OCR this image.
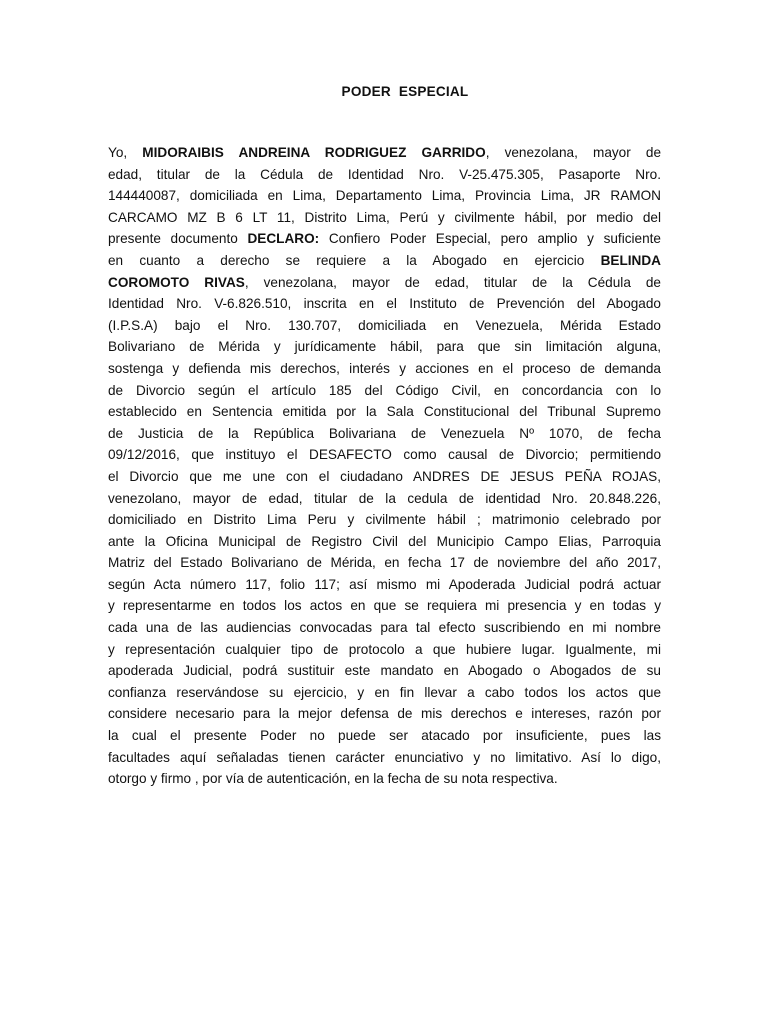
PODER  ESPECIAL
Yo, MIDORAIBIS ANDREINA RODRIGUEZ GARRIDO, venezolana, mayor de
edad, titular de la Cédula de Identidad Nro. V-25.475.305, Pasaporte Nro.
144440087, domiciliada en Lima, Departamento Lima, Provincia Lima, JR RAMON
CARCAMO MZ B 6 LT 11, Distrito Lima, Perú y civilmente hábil, por medio del
presente documento DECLARO: Confiero Poder Especial, pero amplio y suficiente
en cuanto a derecho se requiere a la Abogado en ejercicio BELINDA
COROMOTO RIVAS, venezolana, mayor de edad, titular de la Cédula de
Identidad Nro. V-6.826.510, inscrita en el Instituto de Prevención del Abogado
(I.P.S.A) bajo el Nro. 130.707, domiciliada en Venezuela, Mérida Estado
Bolivariano de Mérida y jurídicamente hábil, para que sin limitación alguna,
sostenga y defienda mis derechos, interés y acciones en el proceso de demanda
de Divorcio según el artículo 185 del Código Civil, en concordancia con lo
establecido en Sentencia emitida por la Sala Constitucional del Tribunal Supremo
de Justicia de la República Bolivariana de Venezuela Nº 1070, de fecha
09/12/2016, que instituyo el DESAFECTO como causal de Divorcio; permitiendo
el Divorcio que me une con el ciudadano ANDRES DE JESUS PEÑA ROJAS,
venezolano, mayor de edad, titular de la cedula de identidad Nro. 20.848.226,
domiciliado en Distrito Lima Peru y civilmente hábil ; matrimonio celebrado por
ante la Oficina Municipal de Registro Civil del Municipio Campo Elias, Parroquia
Matriz del Estado Bolivariano de Mérida, en fecha 17 de noviembre del año 2017,
según Acta número 117, folio 117; así mismo mi Apoderada Judicial podrá actuar
y representarme en todos los actos en que se requiera mi presencia y en todas y
cada una de las audiencias convocadas para tal efecto suscribiendo en mi nombre
y representación cualquier tipo de protocolo a que hubiere lugar. Igualmente, mi
apoderada Judicial, podrá sustituir este mandato en Abogado o Abogados de su
confianza reservándose su ejercicio, y en fin llevar a cabo todos los actos que
considere necesario para la mejor defensa de mis derechos e intereses, razón por
la cual el presente Poder no puede ser atacado por insuficiente, pues las
facultades aquí señaladas tienen carácter enunciativo y no limitativo. Así lo digo,
otorgo y firmo , por vía de autenticación, en la fecha de su nota respectiva.
